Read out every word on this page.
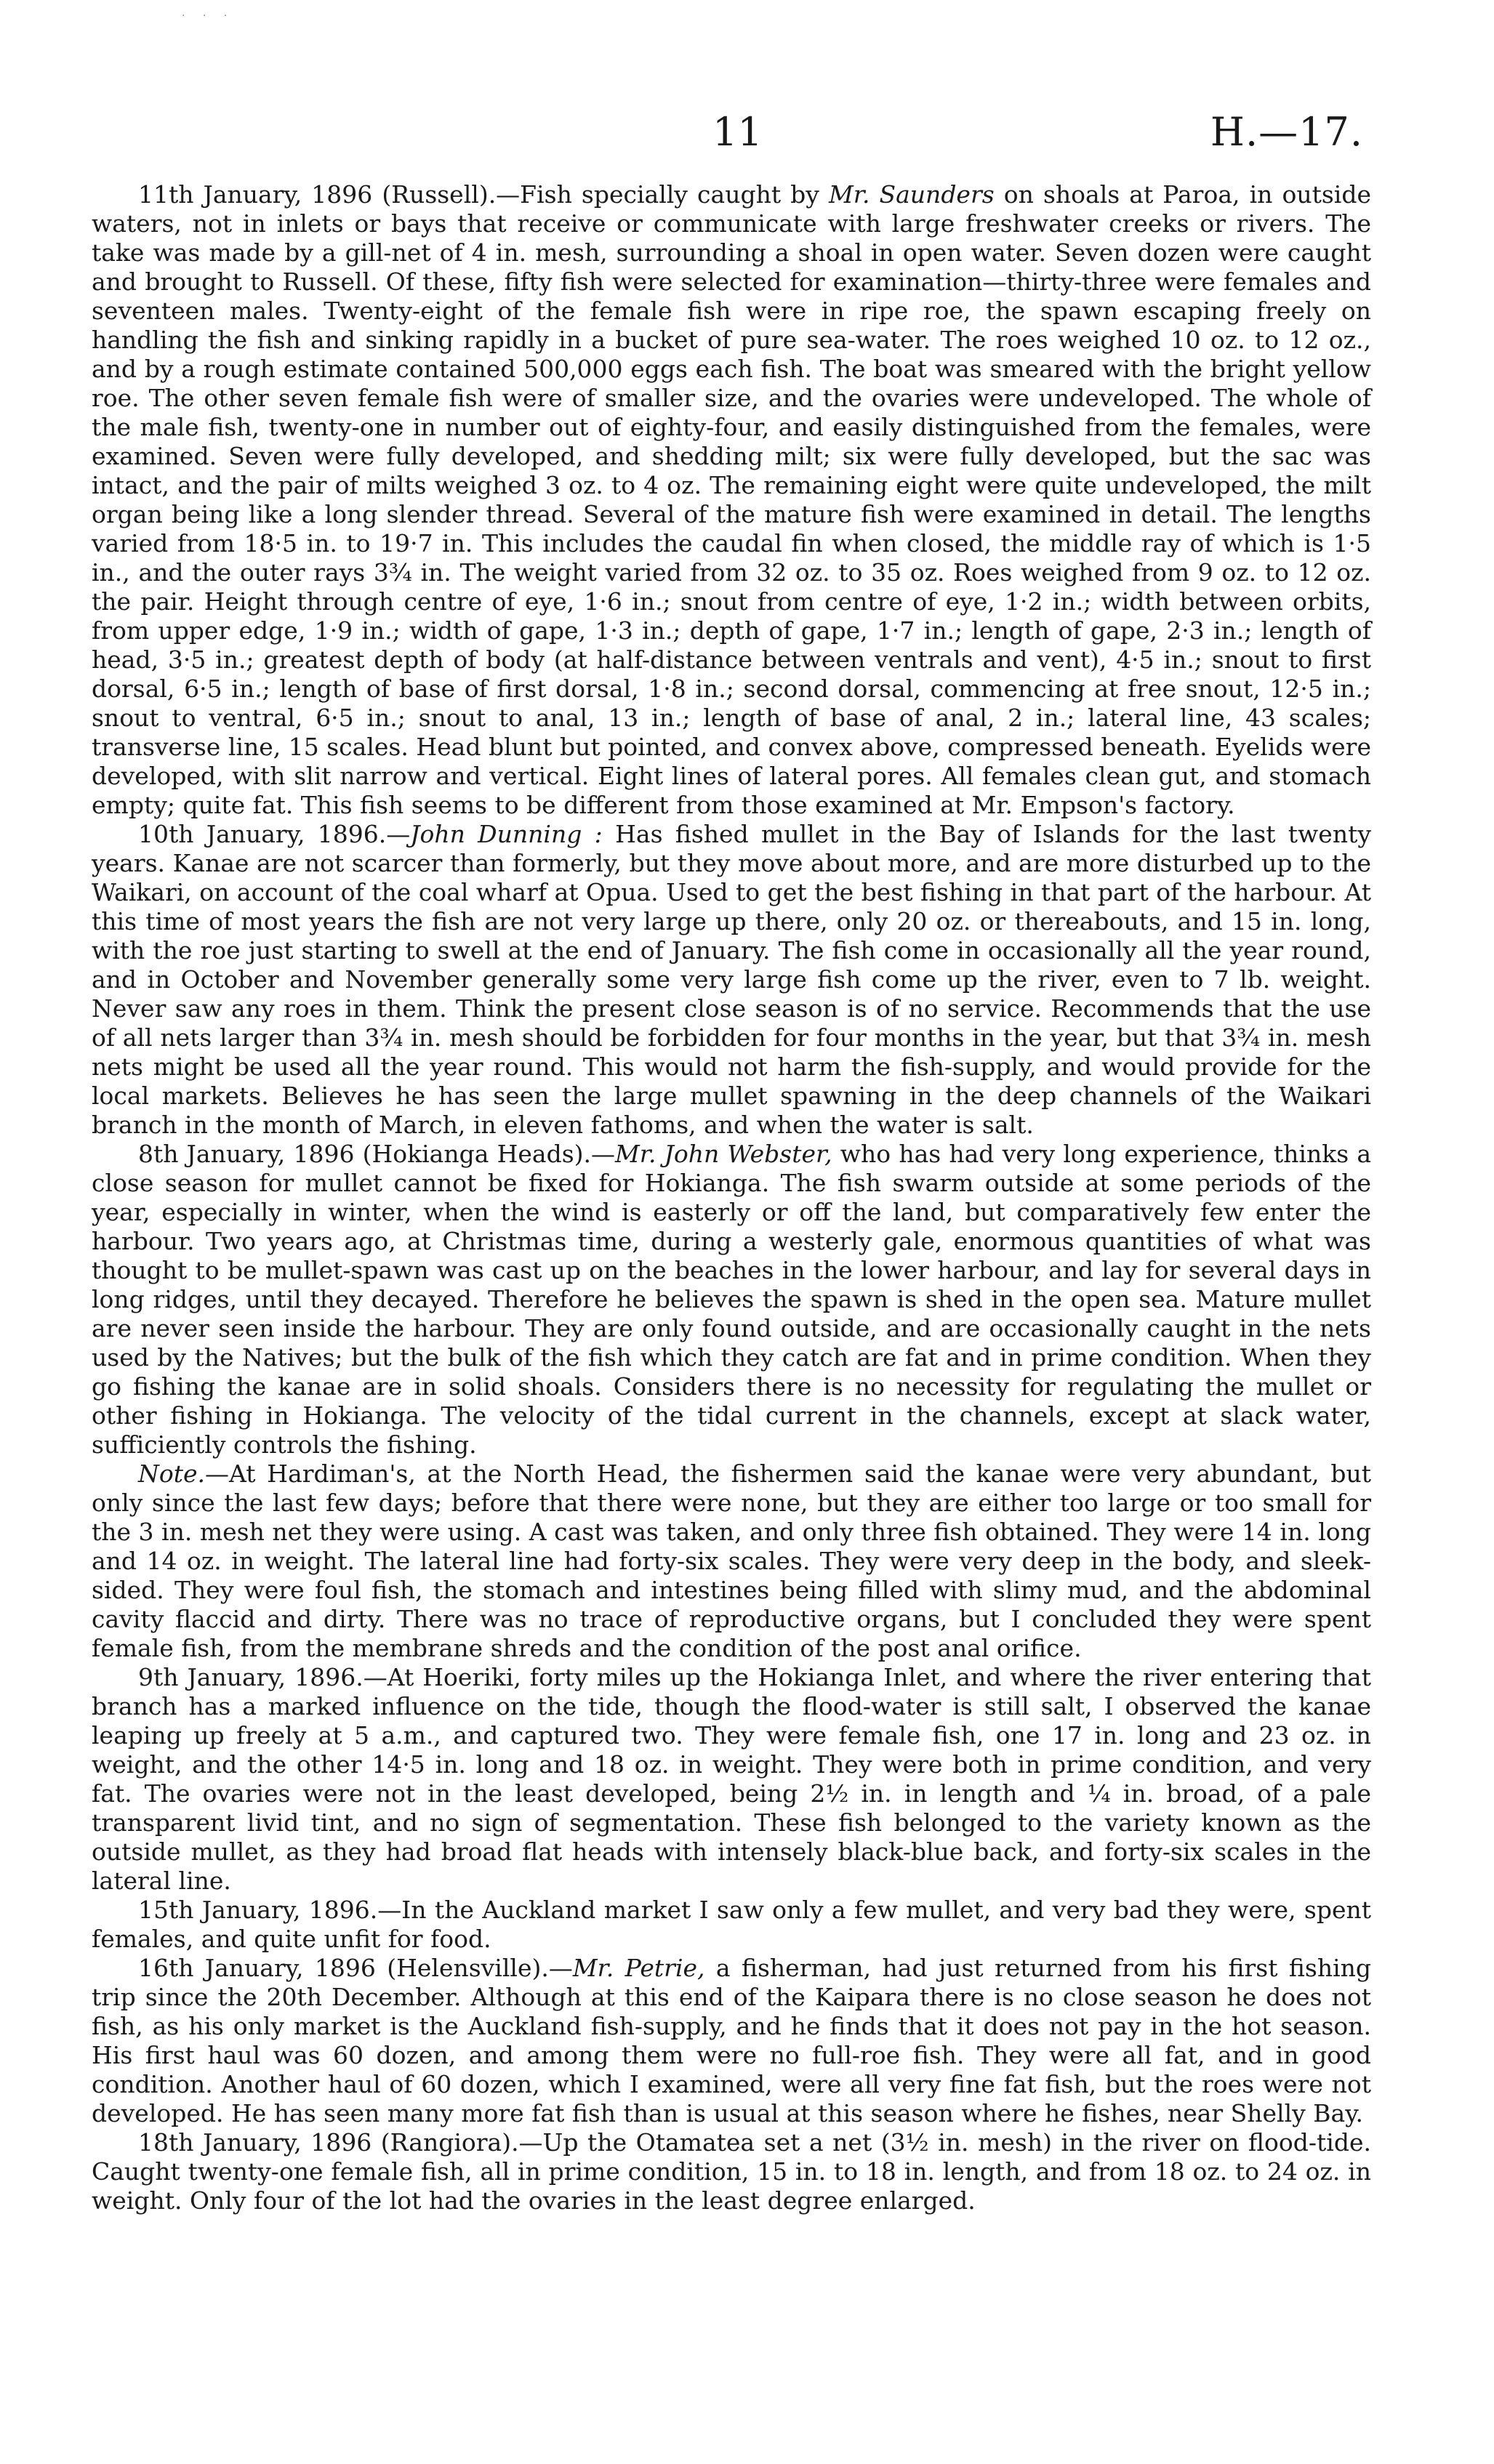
· · ·
11	H.—17.

11th January, 1896 (Russell).—Fish specially caught by Mr. Saunders on shoals at Paroa, in outside waters, not in inlets or bays that receive or communicate with large freshwater creeks or rivers. The take was made by a gill-net of 4 in. mesh, surrounding a shoal in open water. Seven dozen were caught and brought to Russell. Of these, fifty fish were selected for examination—thirty-three were females and seventeen males. Twenty-eight of the female fish were in ripe roe, the spawn escaping freely on handling the fish and sinking rapidly in a bucket of pure sea-water. The roes weighed 10 oz. to 12 oz., and by a rough estimate contained 500,000 eggs each fish. The boat was smeared with the bright yellow roe. The other seven female fish were of smaller size, and the ovaries were undeveloped. The whole of the male fish, twenty-one in number out of eighty-four, and easily distinguished from the females, were examined. Seven were fully developed, and shedding milt; six were fully developed, but the sac was intact, and the pair of milts weighed 3 oz. to 4 oz. The remaining eight were quite undeveloped, the milt organ being like a long slender thread. Several of the mature fish were examined in detail. The lengths varied from 18·5 in. to 19·7 in. This includes the caudal fin when closed, the middle ray of which is 1·5 in., and the outer rays 3¾ in. The weight varied from 32 oz. to 35 oz. Roes weighed from 9 oz. to 12 oz. the pair. Height through centre of eye, 1·6 in.; snout from centre of eye, 1·2 in.; width between orbits, from upper edge, 1·9 in.; width of gape, 1·3 in.; depth of gape, 1·7 in.; length of gape, 2·3 in.; length of head, 3·5 in.; greatest depth of body (at half-distance between ventrals and vent), 4·5 in.; snout to first dorsal, 6·5 in.; length of base of first dorsal, 1·8 in.; second dorsal, commencing at free snout, 12·5 in.; snout to ventral, 6·5 in.; snout to anal, 13 in.; length of base of anal, 2 in.; lateral line, 43 scales; transverse line, 15 scales. Head blunt but pointed, and convex above, compressed beneath. Eyelids were developed, with slit narrow and vertical. Eight lines of lateral pores. All females clean gut, and stomach empty; quite fat. This fish seems to be different from those examined at Mr. Empson's factory.

10th January, 1896.—John Dunning : Has fished mullet in the Bay of Islands for the last twenty years. Kanae are not scarcer than formerly, but they move about more, and are more disturbed up to the Waikari, on account of the coal wharf at Opua. Used to get the best fishing in that part of the harbour. At this time of most years the fish are not very large up there, only 20 oz. or thereabouts, and 15 in. long, with the roe just starting to swell at the end of January. The fish come in occasionally all the year round, and in October and November generally some very large fish come up the river, even to 7 lb. weight. Never saw any roes in them. Think the present close season is of no service. Recommends that the use of all nets larger than 3¾ in. mesh should be forbidden for four months in the year, but that 3¾ in. mesh nets might be used all the year round. This would not harm the fish-supply, and would provide for the local markets. Believes he has seen the large mullet spawning in the deep channels of the Waikari branch in the month of March, in eleven fathoms, and when the water is salt.

8th January, 1896 (Hokianga Heads).—Mr. John Webster, who has had very long experience, thinks a close season for mullet cannot be fixed for Hokianga. The fish swarm outside at some periods of the year, especially in winter, when the wind is easterly or off the land, but comparatively few enter the harbour. Two years ago, at Christmas time, during a westerly gale, enormous quantities of what was thought to be mullet-spawn was cast up on the beaches in the lower harbour, and lay for several days in long ridges, until they decayed. Therefore he believes the spawn is shed in the open sea. Mature mullet are never seen inside the harbour. They are only found outside, and are occasionally caught in the nets used by the Natives; but the bulk of the fish which they catch are fat and in prime condition. When they go fishing the kanae are in solid shoals. Considers there is no necessity for regulating the mullet or other fishing in Hokianga. The velocity of the tidal current in the channels, except at slack water, sufficiently controls the fishing.

Note.—At Hardiman's, at the North Head, the fishermen said the kanae were very abundant, but only since the last few days; before that there were none, but they are either too large or too small for the 3 in. mesh net they were using. A cast was taken, and only three fish obtained. They were 14 in. long and 14 oz. in weight. The lateral line had forty-six scales. They were very deep in the body, and sleek-sided. They were foul fish, the stomach and intestines being filled with slimy mud, and the abdominal cavity flaccid and dirty. There was no trace of reproductive organs, but I concluded they were spent female fish, from the membrane shreds and the condition of the post anal orifice.

9th January, 1896.—At Hoeriki, forty miles up the Hokianga Inlet, and where the river entering that branch has a marked influence on the tide, though the flood-water is still salt, I observed the kanae leaping up freely at 5 a.m., and captured two. They were female fish, one 17 in. long and 23 oz. in weight, and the other 14·5 in. long and 18 oz. in weight. They were both in prime condition, and very fat. The ovaries were not in the least developed, being 2½ in. in length and ¼ in. broad, of a pale transparent livid tint, and no sign of segmentation. These fish belonged to the variety known as the outside mullet, as they had broad flat heads with intensely black-blue back, and forty-six scales in the lateral line.

15th January, 1896.—In the Auckland market I saw only a few mullet, and very bad they were, spent females, and quite unfit for food.

16th January, 1896 (Helensville).—Mr. Petrie, a fisherman, had just returned from his first fishing trip since the 20th December. Although at this end of the Kaipara there is no close season he does not fish, as his only market is the Auckland fish-supply, and he finds that it does not pay in the hot season. His first haul was 60 dozen, and among them were no full-roe fish. They were all fat, and in good condition. Another haul of 60 dozen, which I examined, were all very fine fat fish, but the roes were not developed. He has seen many more fat fish than is usual at this season where he fishes, near Shelly Bay.

18th January, 1896 (Rangiora).—Up the Otamatea set a net (3½ in. mesh) in the river on flood-tide. Caught twenty-one female fish, all in prime condition, 15 in. to 18 in. length, and from 18 oz. to 24 oz. in weight. Only four of the lot had the ovaries in the least degree enlarged.
